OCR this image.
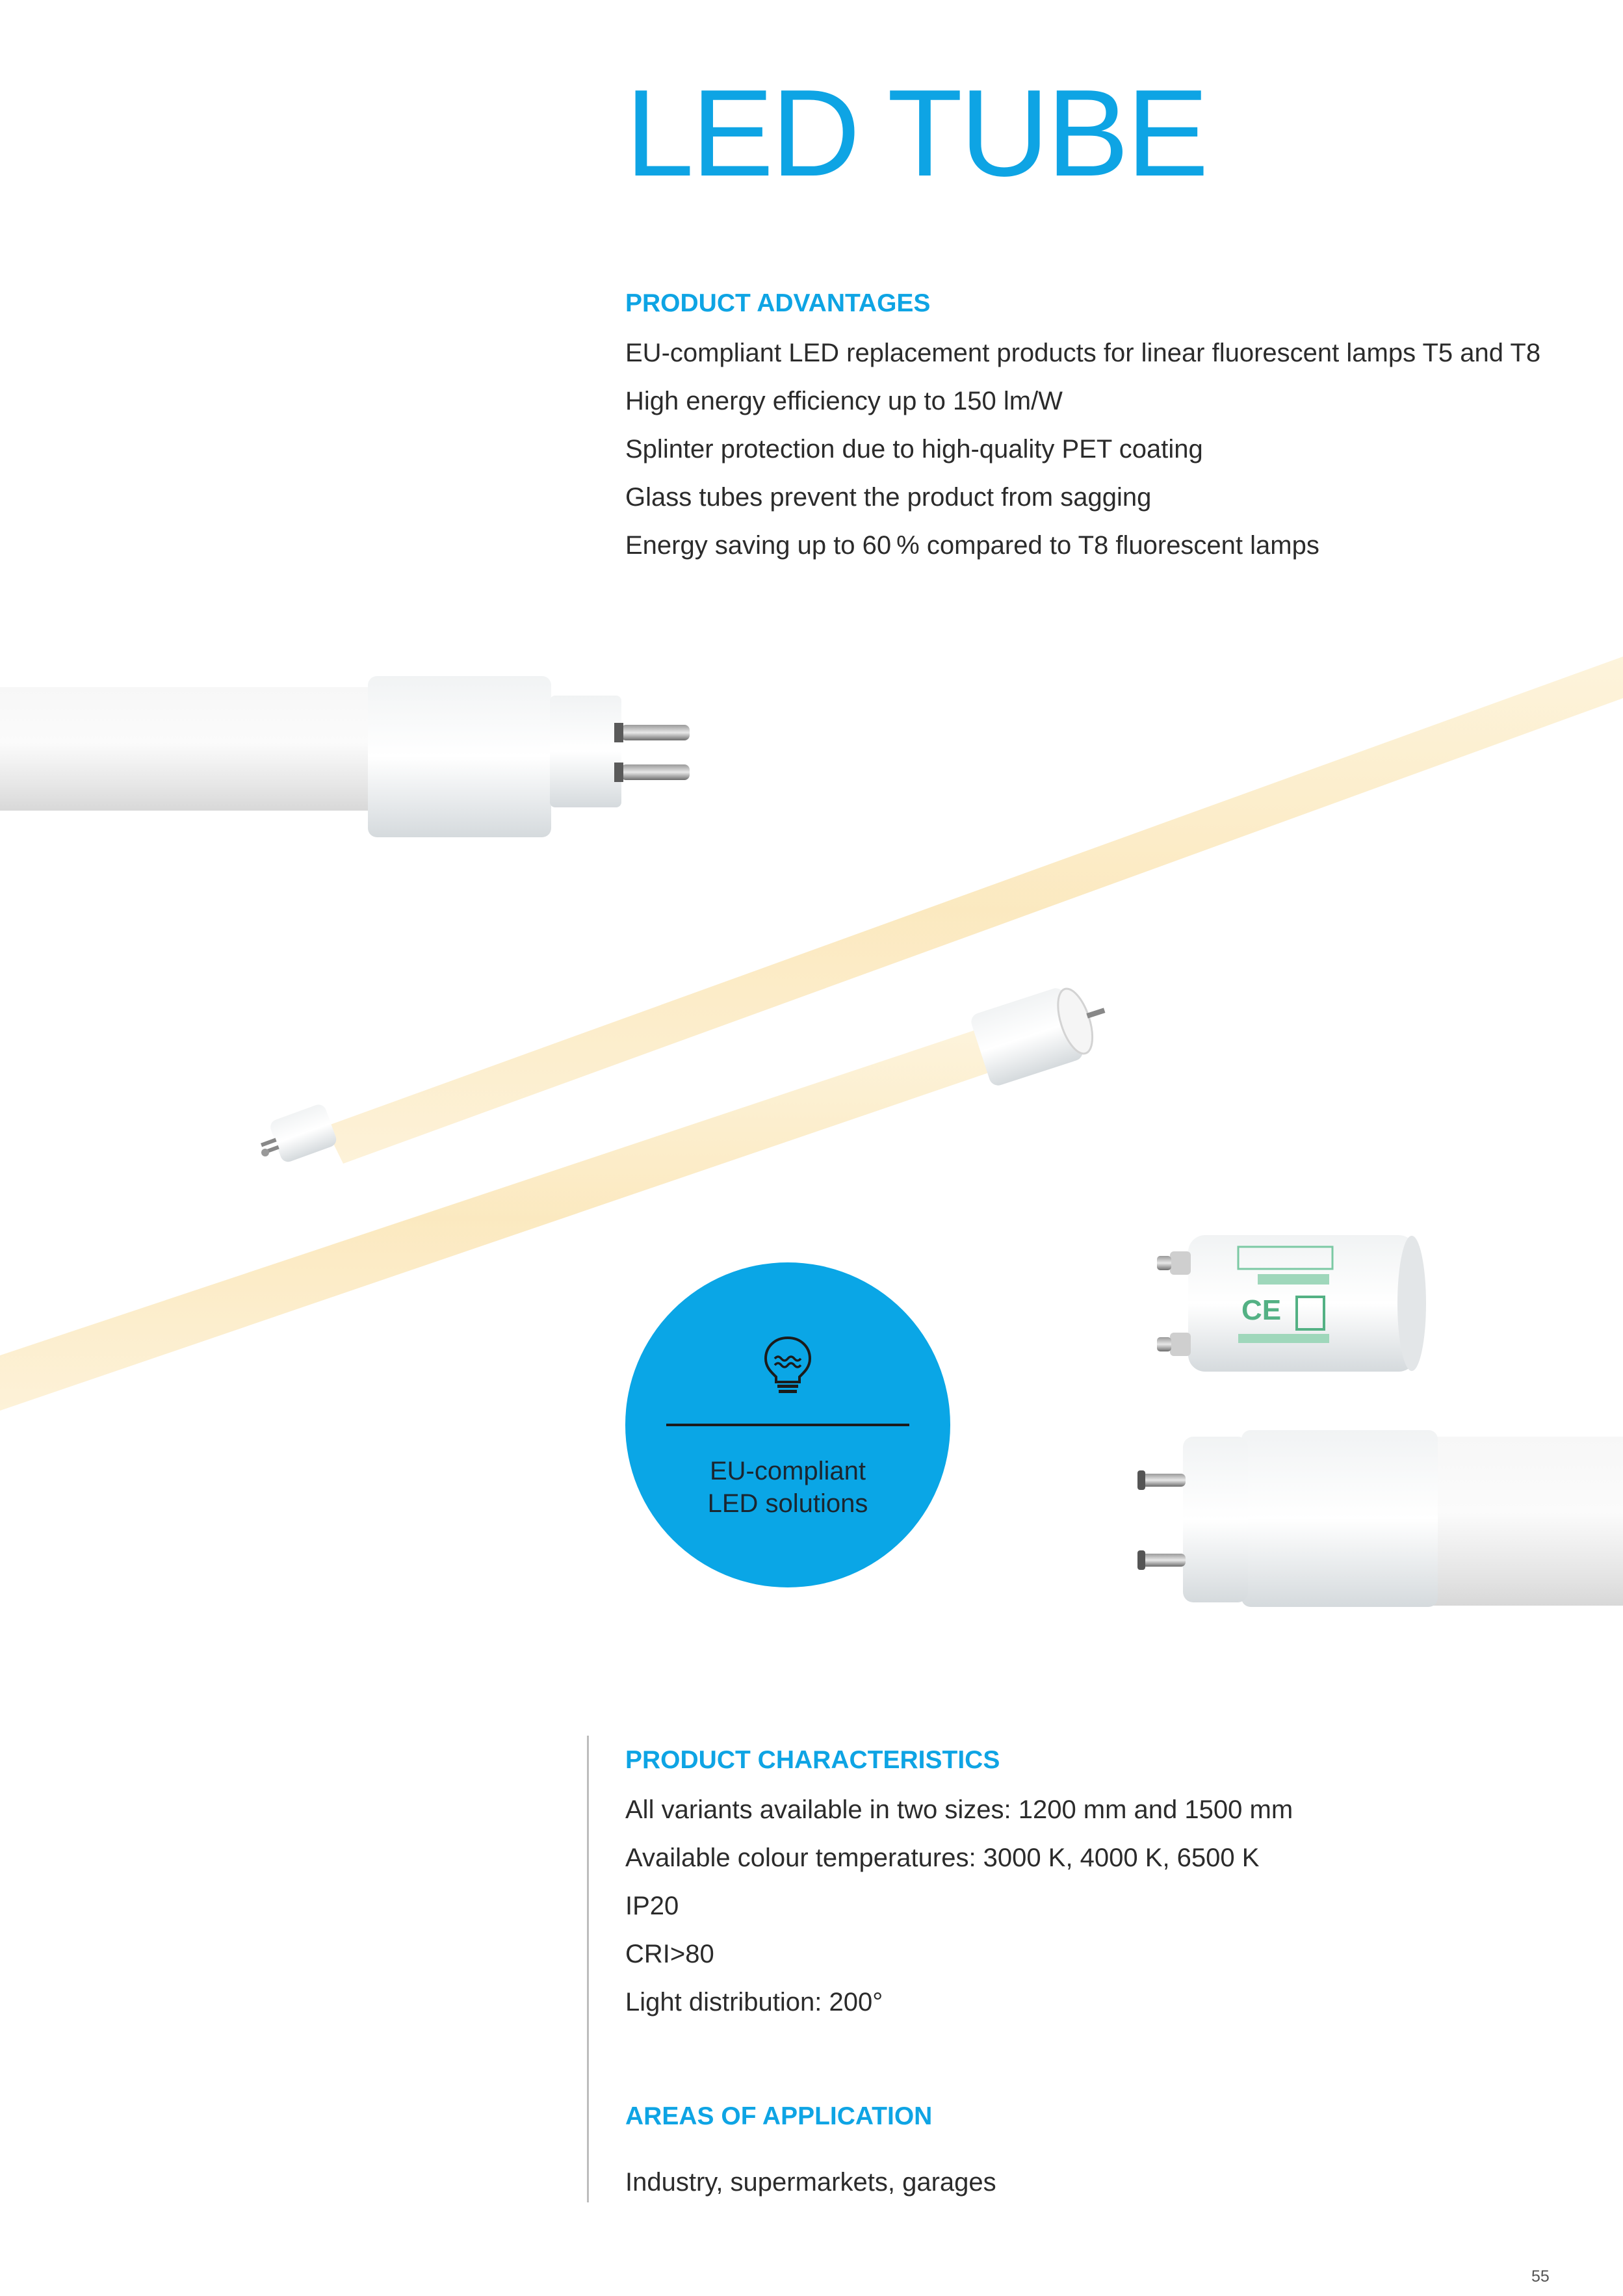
LED TUBE
PRODUCT ADVANTAGES
EU-compliant LED replacement products for linear fluorescent lamps T5 and T8
High energy efficiency up to 150 lm/W
Splinter protection due to high-quality PET coating
Glass tubes prevent the product from sagging
Energy saving up to 60 % compared to T8 fluorescent lamps
CE
EU-compliant
LED solutions
PRODUCT CHARACTERISTICS
All variants available in two sizes: 1200 mm and 1500 mm
Available colour temperatures: 3000 K, 4000 K, 6500 K
IP20
CRI>80
Light distribution: 200°
AREAS OF APPLICATION
Industry, supermarkets, garages
55
